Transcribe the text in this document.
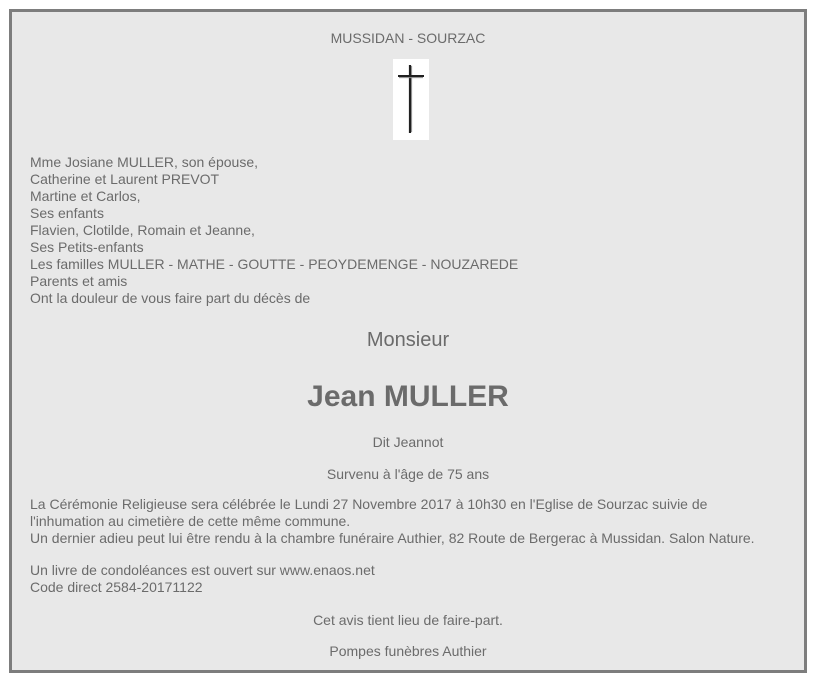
MUSSIDAN - SOURZAC
Mme Josiane MULLER, son épouse,
Catherine et Laurent PREVOT
Martine et Carlos,
Ses enfants
Flavien, Clotilde, Romain et Jeanne,
Ses Petits-enfants
Les familles MULLER - MATHE - GOUTTE - PEOYDEMENGE - NOUZAREDE
Parents et amis
Ont la douleur de vous faire part du décès de
Monsieur
Jean MULLER
Dit Jeannot
Survenu à l'âge de 75 ans
La Cérémonie Religieuse sera célébrée le Lundi 27 Novembre 2017 à 10h30 en l'Eglise de Sourzac suivie de
l'inhumation au cimetière de cette même commune.
Un dernier adieu peut lui être rendu à la chambre funéraire Authier, 82 Route de Bergerac à Mussidan. Salon Nature.
Un livre de condoléances est ouvert sur www.enaos.net
Code direct 2584-20171122
Cet avis tient lieu de faire-part.
Pompes funèbres Authier
